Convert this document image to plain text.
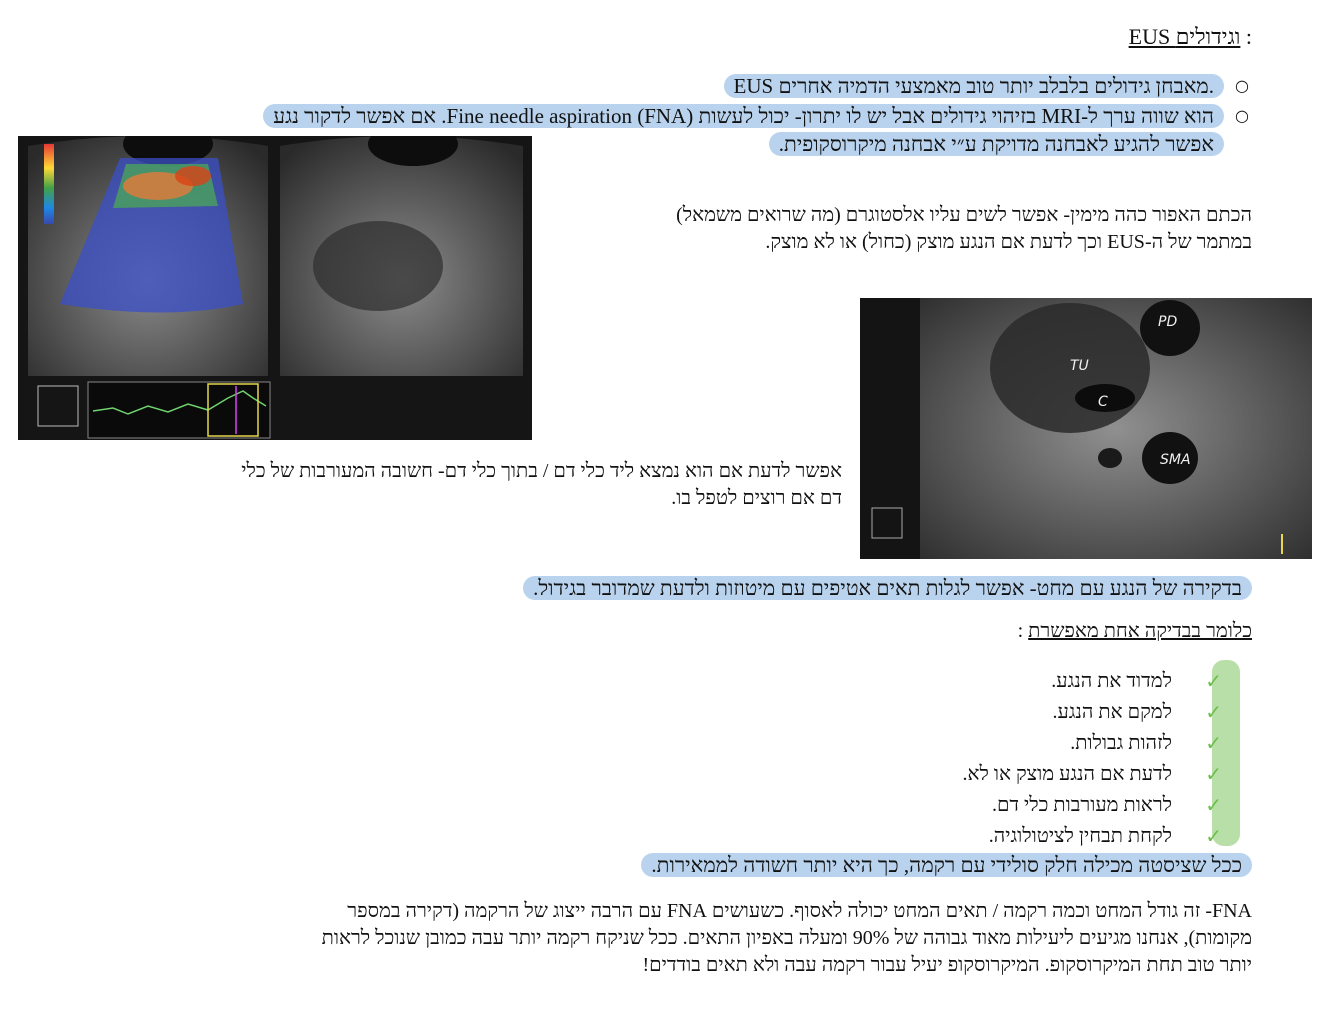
EUS וגידולים :
○
EUS מאבחן גידולים בלבלב יותר טוב מאמצעי הדמיה אחרים.
○
הוא שווה ערך ל-MRI בזיהוי גידולים אבל יש לו יתרון- יכול לעשות Fine needle aspiration (FNA). אם אפשר לדקור נגע
אפשר להגיע לאבחנה מדויקת ע״י אבחנה מיקרוסקופית.
הכתם האפור כהה מימין- אפשר לשים עליו אלסטוגרם (מה שרואים משמאל)
במתמר של ה-EUS וכך לדעת אם הנגע מוצק (כחול) או לא מוצק.
PD
TU
C
SMA
אפשר לדעת אם הוא נמצא ליד כלי דם / בתוך כלי דם- חשובה המעורבות של כלי
דם אם רוצים לטפל בו.
בדקירה של הנגע עם מחט- אפשר לגלות תאים אטיפים עם מיטוזות ולדעת שמדובר בגידול.
כלומר בבדיקה אחת מאפשרת :
✓
למדוד את הנגע.
✓
למקם את הנגע.
✓
לזהות גבולות.
✓
לדעת אם הנגע מוצק או לא.
✓
לראות מעורבות כלי דם.
✓
לקחת תבחין לציטולוגיה.
ככל שציסטה מכילה חלק סולידי עם רקמה, כך היא יותר חשודה לממאירות.
FNA- זה גודל המחט וכמה רקמה / תאים המחט יכולה לאסוף. כשעושים FNA עם הרבה ייצוג של הרקמה (דקירה במספר
מקומות), אנחנו מגיעים ליעילות מאוד גבוהה של 90% ומעלה באפיון התאים. ככל שניקח רקמה יותר עבה כמובן שנוכל לראות
יותר טוב תחת המיקרוסקופ. המיקרוסקופ יעיל עבור רקמה עבה ולא תאים בודדים!
